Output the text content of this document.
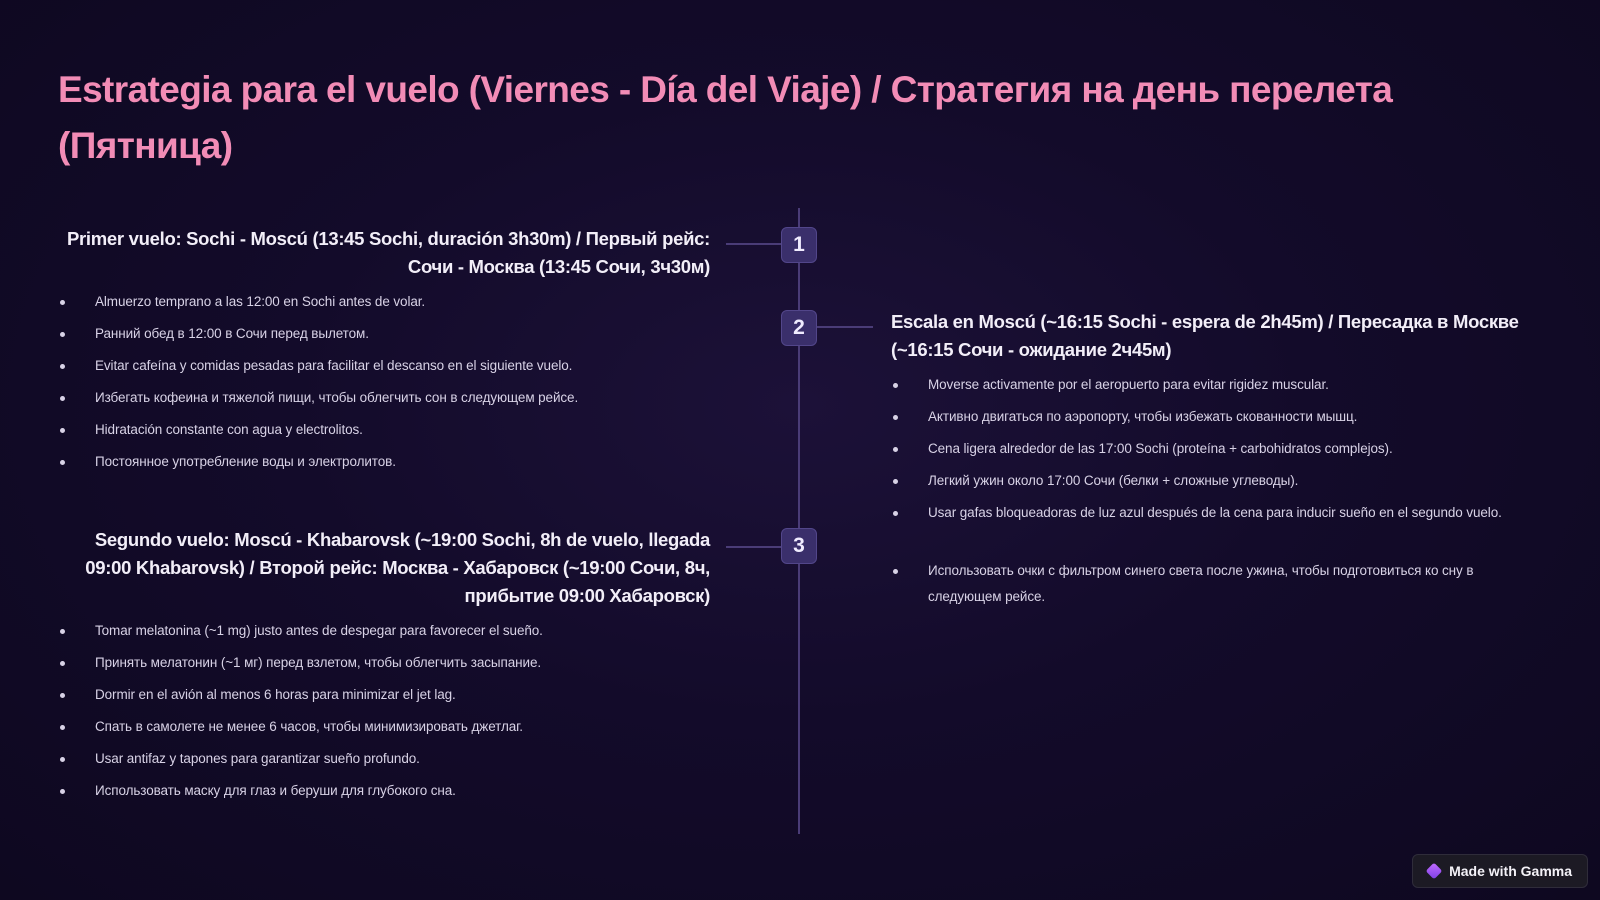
Estrategia para el vuelo (Viernes - Día del Viaje) / Стратегия на день перелета (Пятница)
1
2
3
Primer vuelo: Sochi - Moscú (13:45 Sochi, duración 3h30m) / Первый рейс: Сочи - Москва (13:45 Сочи, 3ч30м)
Almuerzo temprano a las 12:00 en Sochi antes de volar.
Ранний обед в 12:00 в Сочи перед вылетом.
Evitar cafeína y comidas pesadas para facilitar el descanso en el siguiente vuelo.
Избегать кофеина и тяжелой пищи, чтобы облегчить сон в следующем рейсе.
Hidratación constante con agua y electrolitos.
Постоянное употребление воды и электролитов.
Escala en Moscú (~16:15 Sochi - espera de 2h45m) / Пересадка в Москве (~16:15 Сочи - ожидание 2ч45м)
Moverse activamente por el aeropuerto para evitar rigidez muscular.
Активно двигаться по аэропорту, чтобы избежать скованности мышц.
Cena ligera alrededor de las 17:00 Sochi (proteína + carbohidratos complejos).
Легкий ужин около 17:00 Сочи (белки + сложные углеводы).
Usar gafas bloqueadoras de luz azul después de la cena para inducir sueño en el segundo vuelo.
Использовать очки с фильтром синего света после ужина, чтобы подготовиться ко сну в следующем рейсе.
Segundo vuelo: Moscú - Khabarovsk (~19:00 Sochi, 8h de vuelo, llegada 09:00 Khabarovsk) / Второй рейс: Москва - Хабаровск (~19:00 Сочи, 8ч, прибытие 09:00 Хабаровск)
Tomar melatonina (~1 mg) justo antes de despegar para favorecer el sueño.
Принять мелатонин (~1 мг) перед взлетом, чтобы облегчить засыпание.
Dormir en el avión al menos 6 horas para minimizar el jet lag.
Спать в самолете не менее 6 часов, чтобы минимизировать джетлаг.
Usar antifaz y tapones para garantizar sueño profundo.
Использовать маску для глаз и беруши для глубокого сна.
Made with Gamma
